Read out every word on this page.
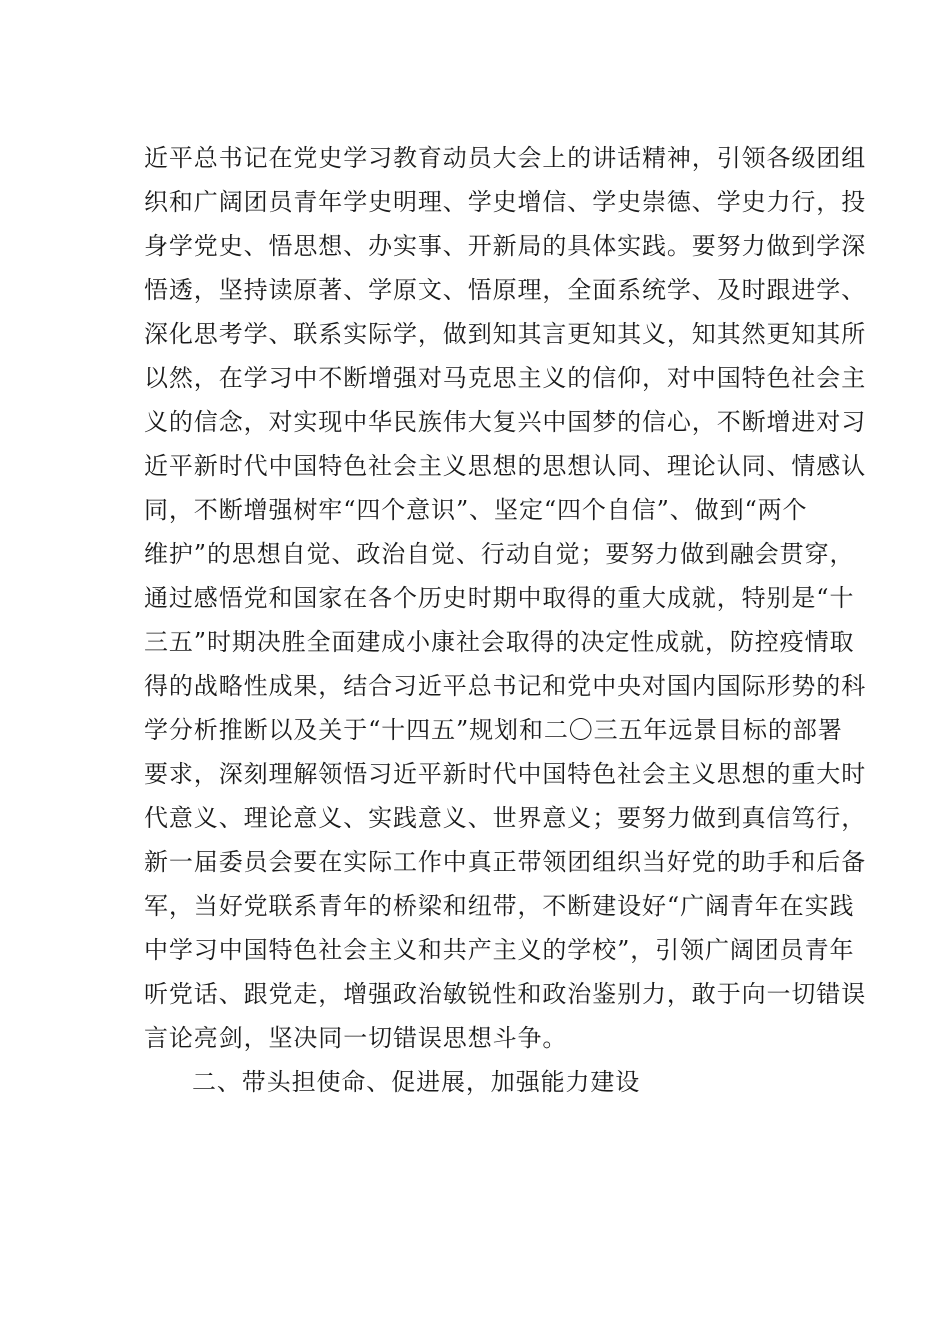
近平总书记在党史学习教育动员大会上的讲话精神，引领各级团组
织和广阔团员青年学史明理、学史增信、学史崇德、学史力行，投
身学党史、悟思想、办实事、开新局的具体实践。要努力做到学深
悟透，坚持读原著、学原文、悟原理，全面系统学、及时跟进学、
深化思考学、联系实际学，做到知其言更知其义，知其然更知其所
以然，在学习中不断增强对马克思主义的信仰，对中国特色社会主
义的信念，对实现中华民族伟大复兴中国梦的信心，不断增进对习
近平新时代中国特色社会主义思想的思想认同、理论认同、情感认
同，不断增强树牢“四个意识”、坚定“四个自信”、做到“两个
维护”的思想自觉、政治自觉、行动自觉；要努力做到融会贯穿，
通过感悟党和国家在各个历史时期中取得的重大成就，特别是“十
三五”时期决胜全面建成小康社会取得的决定性成就，防控疫情取
得的战略性成果，结合习近平总书记和党中央对国内国际形势的科
学分析推断以及关于“十四五”规划和二〇三五年远景目标的部署
要求，深刻理解领悟习近平新时代中国特色社会主义思想的重大时
代意义、理论意义、实践意义、世界意义；要努力做到真信笃行，
新一届委员会要在实际工作中真正带领团组织当好党的助手和后备
军，当好党联系青年的桥梁和纽带，不断建设好“广阔青年在实践
中学习中国特色社会主义和共产主义的学校”，引领广阔团员青年
听党话、跟党走，增强政治敏锐性和政治鉴别力，敢于向一切错误
言论亮剑，坚决同一切错误思想斗争。
二、带头担使命、促进展，加强能力建设
